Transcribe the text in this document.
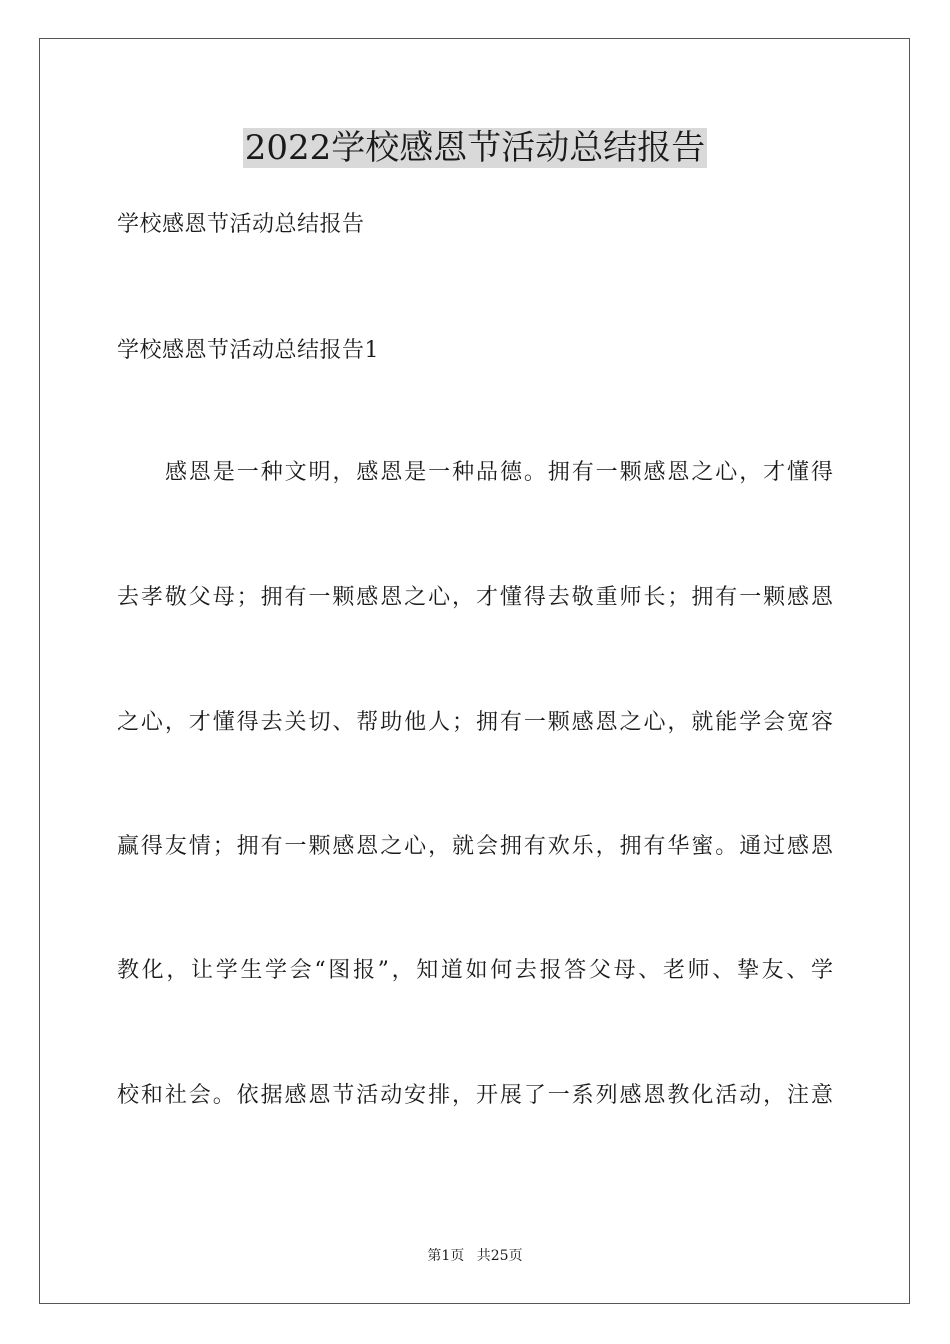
2022学校感恩节活动总结报告

学校感恩节活动总结报告

学校感恩节活动总结报告1

感恩是一种文明，感恩是一种品德。拥有一颗感恩之心，才懂得

去孝敬父母；拥有一颗感恩之心，才懂得去敬重师长；拥有一颗感恩

之心，才懂得去关切、帮助他人；拥有一颗感恩之心，就能学会宽容

赢得友情；拥有一颗感恩之心，就会拥有欢乐，拥有华蜜。通过感恩

教化，让学生学会“图报”，知道如何去报答父母、老师、挚友、学

校和社会。依据感恩节活动安排，开展了一系列感恩教化活动，注意

第1页 共25页
